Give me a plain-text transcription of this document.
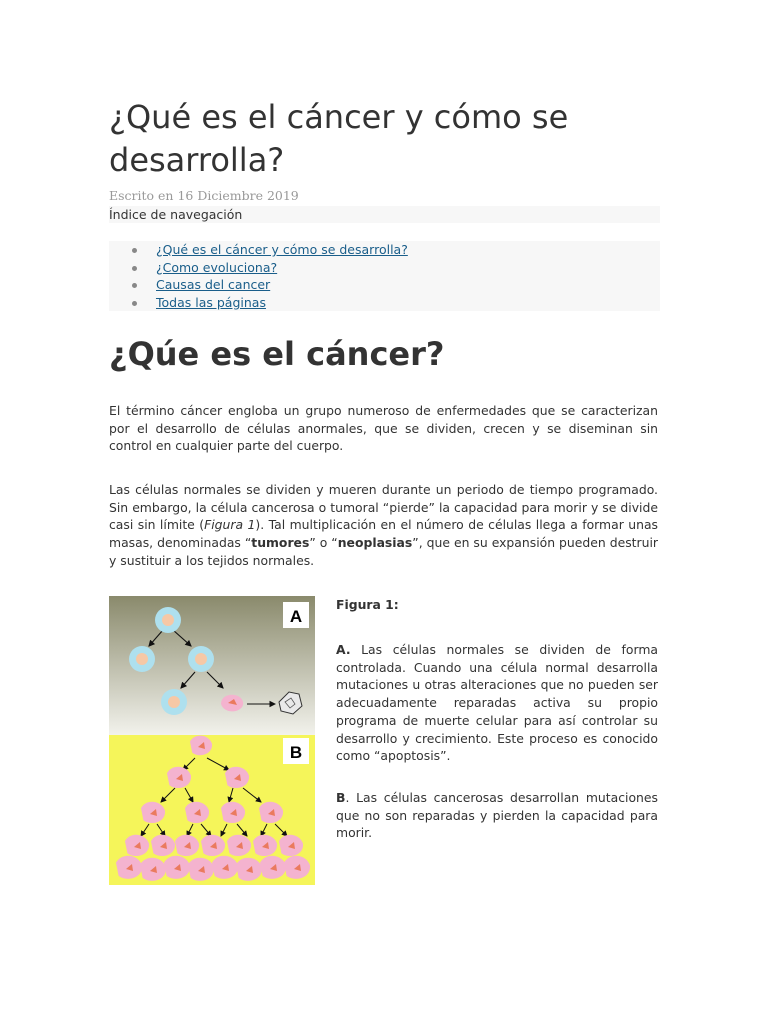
¿Qué es el cáncer y cómo se desarrolla?
Escrito en 16 Diciembre 2019
Índice de navegación
¿Qué es el cáncer y cómo se desarrolla?
¿Como evoluciona?
Causas del cancer
Todas las páginas
¿Qúe es el cáncer?

El término cáncer engloba un grupo numeroso de enfermedades que se caracterizan por el desarrollo de células anormales, que se dividen, crecen y se diseminan sin control en cualquier parte del cuerpo.

Las células normales se dividen y mueren durante un periodo de tiempo programado. Sin embargo, la célula cancerosa o tumoral “pierde” la capacidad para morir y se divide casi sin límite (Figura 1). Tal multiplicación en el número de células llega a formar unas masas, denominadas “tumores” o “neoplasias”, que en su expansión pueden destruir y sustituir a los tejidos normales.

A
B

Figura 1:

A. Las células normales se dividen de forma controlada. Cuando una célula normal desarrolla mutaciones u otras alteraciones que no pueden ser adecuadamente reparadas activa su propio programa de muerte celular para así controlar su desarrollo y crecimiento. Este proceso es conocido como “apoptosis”.

B. Las células cancerosas desarrollan mutaciones que no son reparadas y pierden la capacidad para morir.
